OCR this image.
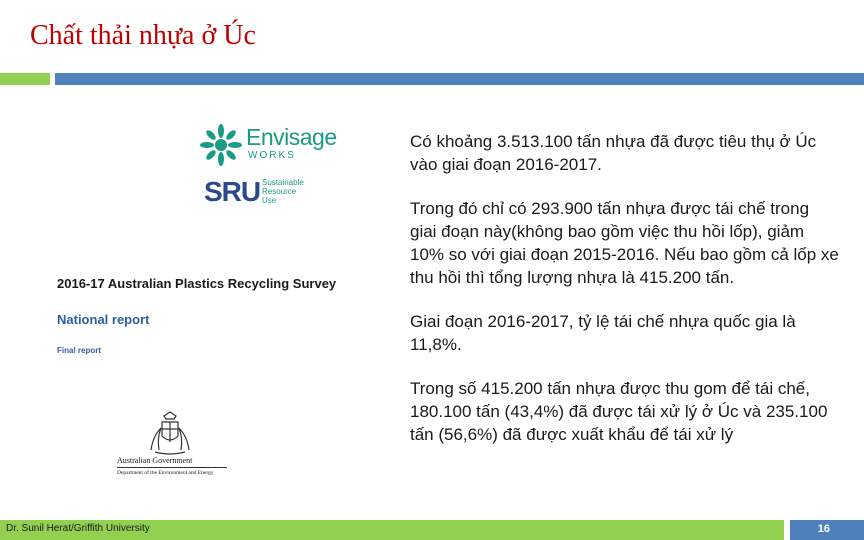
Chất thải nhựa ở Úc
Envisage
WORKS
SRU Sustainable Resource Use
2016-17 Australian Plastics Recycling Survey
National report
Final report
Australian Government
Department of the Environment and Energy

Có khoảng 3.513.100 tấn nhựa đã được tiêu thụ ở Úc vào giai đoạn 2016-2017.

Trong đó chỉ có 293.900 tấn nhựa được tái chế trong giai đoạn này(không bao gồm việc thu hồi lốp), giảm 10% so với giai đoạn 2015-2016. Nếu bao gồm cả lốp xe thu hồi thì tổng lượng nhựa là 415.200 tấn.

Giai đoạn 2016-2017, tỷ lệ tái chế nhựa quốc gia là 11,8%.

Trong số 415.200 tấn nhựa được thu gom để tái chế, 180.100 tấn (43,4%) đã được tái xử lý ở Úc và 235.100 tấn (56,6%) đã được xuất khẩu để tái xử lý

Dr. Sunil Herat/Griffith University	16
